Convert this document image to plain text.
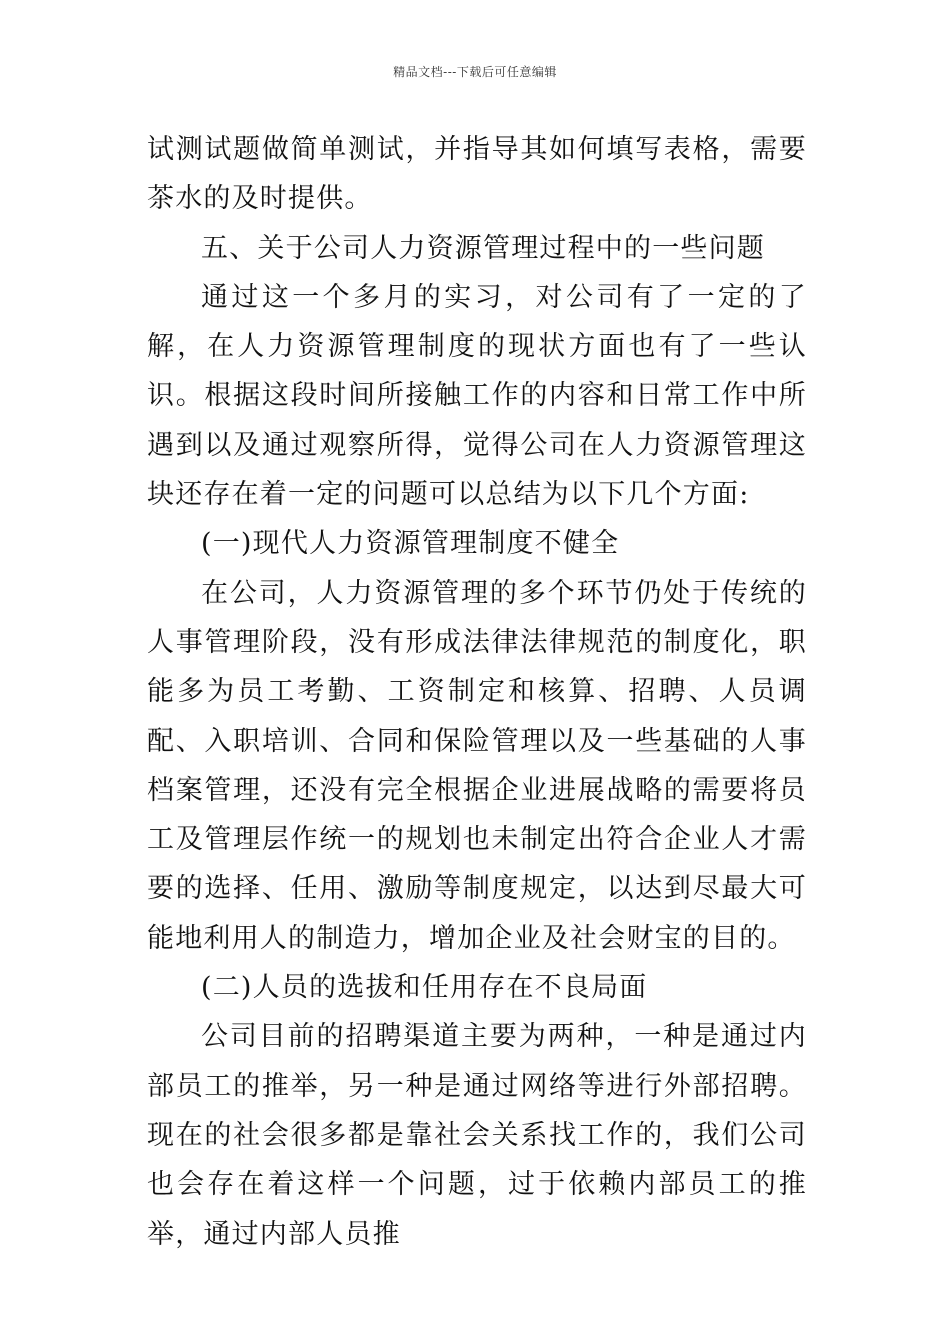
精品文档---下载后可任意编辑

试测试题做简单测试，并指导其如何填写表格，需要茶水的及时提供。

五、关于公司人力资源管理过程中的一些问题

通过这一个多月的实习，对公司有了一定的了解，在人力资源管理制度的现状方面也有了一些认识。根据这段时间所接触工作的内容和日常工作中所遇到以及通过观察所得，觉得公司在人力资源管理这块还存在着一定的问题可以总结为以下几个方面:

(一)现代人力资源管理制度不健全

在公司，人力资源管理的多个环节仍处于传统的人事管理阶段，没有形成法律法律规范的制度化，职能多为员工考勤、工资制定和核算、招聘、人员调配、入职培训、合同和保险管理以及一些基础的人事档案管理，还没有完全根据企业进展战略的需要将员工及管理层作统一的规划也未制定出符合企业人才需要的选择、任用、激励等制度规定，以达到尽最大可能地利用人的制造力，增加企业及社会财宝的目的。

(二)人员的选拔和任用存在不良局面

公司目前的招聘渠道主要为两种，一种是通过内部员工的推举，另一种是通过网络等进行外部招聘。现在的社会很多都是靠社会关系找工作的，我们公司也会存在着这样一个问题，过于依赖内部员工的推举，通过内部人员推
